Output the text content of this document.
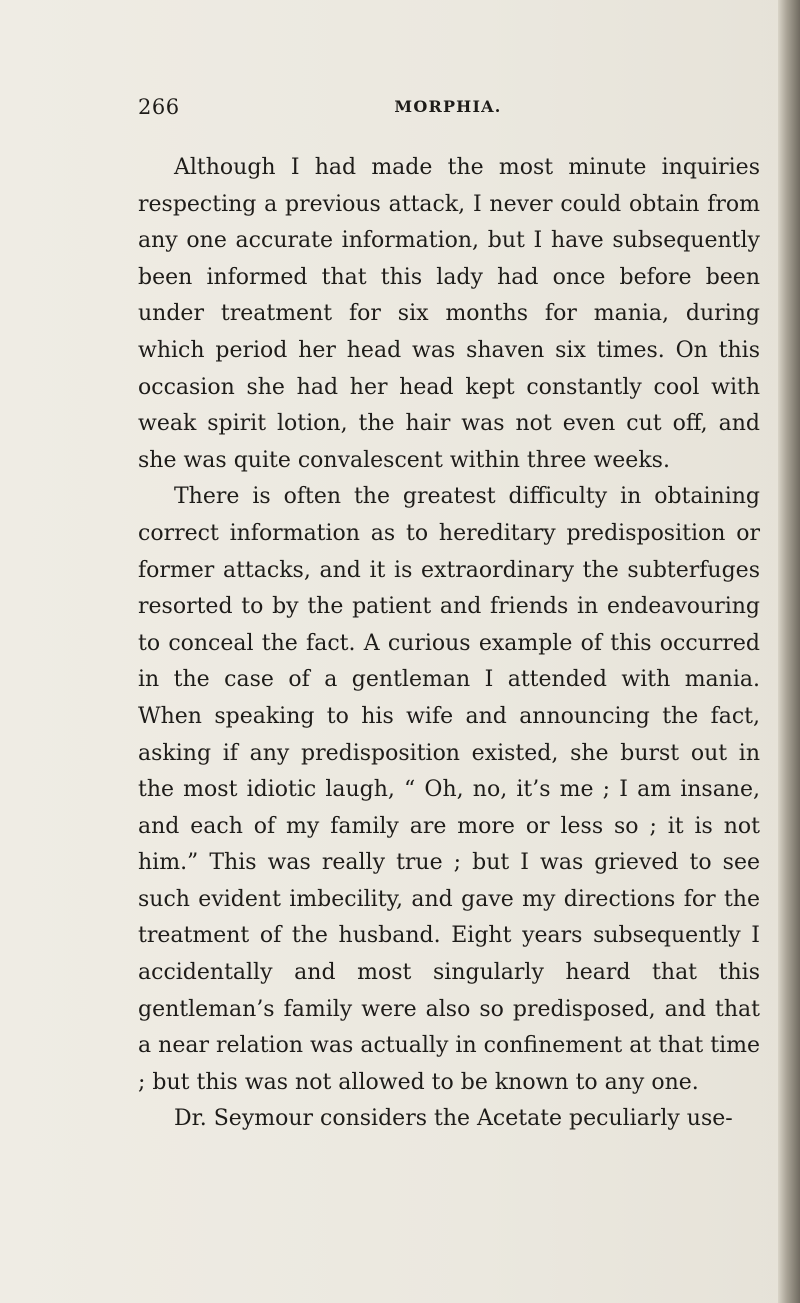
266	MORPHIA.

Although I had made the most minute inquiries respecting a previous attack, I never could obtain from any one accurate information, but I have subsequently been informed that this lady had once before been under treatment for six months for mania, during which period her head was shaven six times. On this occasion she had her head kept constantly cool with weak spirit lotion, the hair was not even cut off, and she was quite convalescent within three weeks.

There is often the greatest difficulty in obtaining correct information as to hereditary predisposition or former attacks, and it is extraordinary the subterfuges resorted to by the patient and friends in endeavouring to conceal the fact. A curious example of this occurred in the case of a gentleman I attended with mania. When speaking to his wife and announcing the fact, asking if any predisposition existed, she burst out in the most idiotic laugh, “ Oh, no, it’s me ; I am insane, and each of my family are more or less so ; it is not him.” This was really true ; but I was grieved to see such evident imbecility, and gave my directions for the treatment of the husband. Eight years subsequently I accidentally and most singularly heard that this gentleman’s family were also so predisposed, and that a near relation was actually in confinement at that time ; but this was not allowed to be known to any one.

Dr. Seymour considers the Acetate peculiarly use-
